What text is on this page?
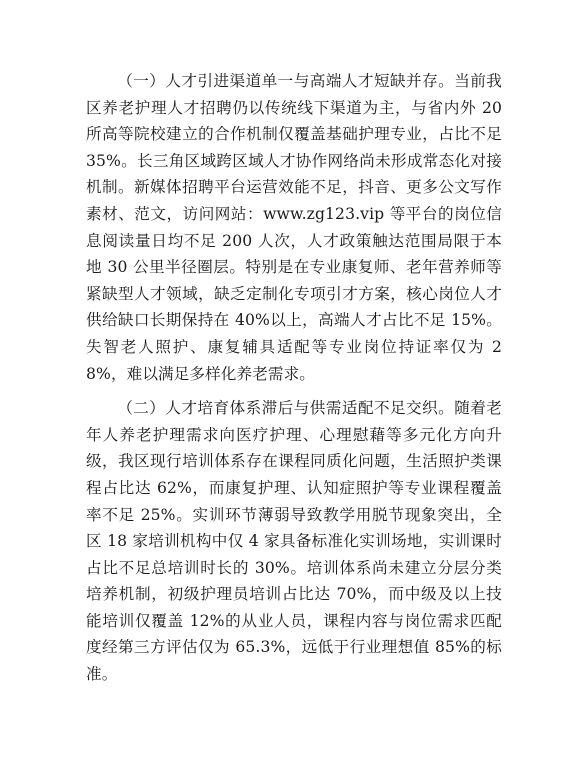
（一）人才引进渠道单一与高端人才短缺并存。当前我区养老护理人才招聘仍以传统线下渠道为主，与省内外 20 所高等院校建立的合作机制仅覆盖基础护理专业，占比不足 35%。长三角区域跨区域人才协作网络尚未形成常态化对接机制。新媒体招聘平台运营效能不足，抖音、更多公文写作素材、范文，访问网站：www.zg123.vip 等平台的岗位信息阅读量日均不足 200 人次，人才政策触达范围局限于本地 30 公里半径圈层。特别是在专业康复师、老年营养师等紧缺型人才领域，缺乏定制化专项引才方案，核心岗位人才供给缺口长期保持在 40%以上，高端人才占比不足 15%。失智老人照护、康复辅具适配等专业岗位持证率仅为 28%，难以满足多样化养老需求。

（二）人才培育体系滞后与供需适配不足交织。随着老年人养老护理需求向医疗护理、心理慰藉等多元化方向升级，我区现行培训体系存在课程同质化问题，生活照护类课程占比达 62%，而康复护理、认知症照护等专业课程覆盖率不足 25%。实训环节薄弱导致教学用脱节现象突出，全区 18 家培训机构中仅 4 家具备标准化实训场地，实训课时占比不足总培训时长的 30%。培训体系尚未建立分层分类培养机制，初级护理员培训占比达 70%，而中级及以上技能培训仅覆盖 12%的从业人员，课程内容与岗位需求匹配度经第三方评估仅为 65.3%，远低于行业理想值 85%的标准。
